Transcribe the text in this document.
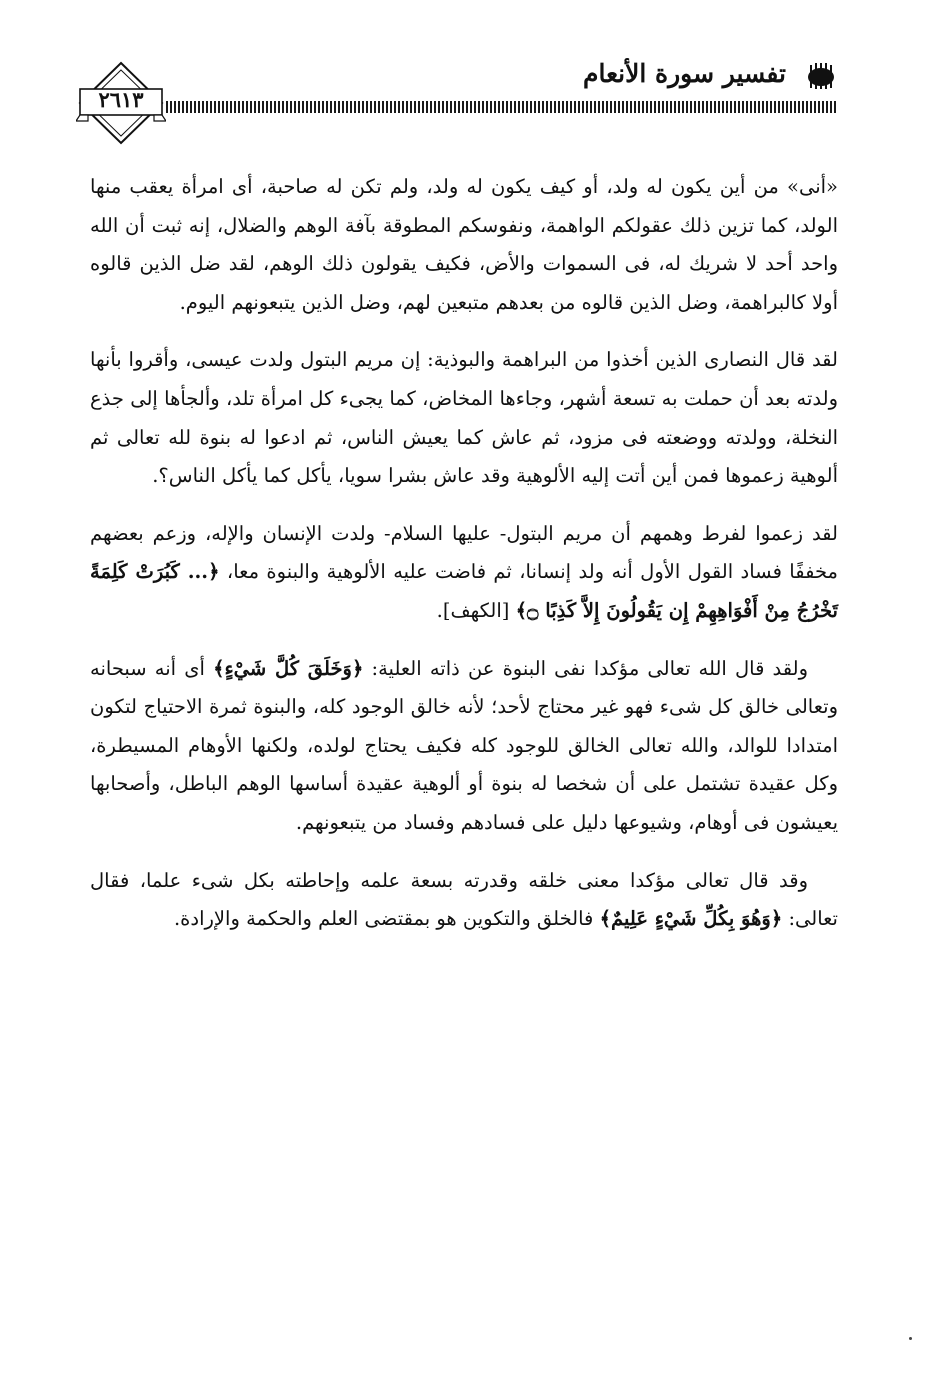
تفسير سورة الأنعام
٢٦١٣

«أنى» من أين يكون له ولد، أو كيف يكون له ولد، ولم تكن له صاحبة، أى امرأة يعقب منها الولد، كما تزين ذلك عقولكم الواهمة، ونفوسكم المطوقة بآفة الوهم والضلال، إنه ثبت أن الله واحد أحد لا شريك له، فى السموات والأض، فكيف يقولون ذلك الوهم، لقد ضل الذين قالوه أولا كالبراهمة، وضل الذين قالوه من بعدهم متبعين لهم، وضل الذين يتبعونهم اليوم.

لقد قال النصارى الذين أخذوا من البراهمة والبوذية: إن مريم البتول ولدت عيسى، وأقروا بأنها ولدته بعد أن حملت به تسعة أشهر، وجاءها المخاض، كما يجىء كل امرأة تلد، وألجأها إلى جذع النخلة، وولدته ووضعته فى مزود، ثم عاش كما يعيش الناس، ثم ادعوا له بنوة لله تعالى ثم ألوهية زعموها فمن أين أتت إليه الألوهية وقد عاش بشرا سويا، يأكل كما يأكل الناس؟.

لقد زعموا لفرط وهمهم أن مريم البتول- عليها السلام- ولدت الإنسان والإله، وزعم بعضهم مخففًا فساد القول الأول أنه ولد إنسانا، ثم فاضت عليه الألوهية والبنوة معا، ﴿... كَبُرَتْ كَلِمَةً تَخْرُجُ مِنْ أَفْوَاهِهِمْ إِن يَقُولُونَ إِلاَّ كَذِبًا ۝﴾ [الكهف].

ولقد قال الله تعالى مؤكدا نفى البنوة عن ذاته العلية: ﴿وَخَلَقَ كُلَّ شَيْءٍ﴾ أى أنه سبحانه وتعالى خالق كل شىء فهو غير محتاج لأحد؛ لأنه خالق الوجود كله، والبنوة ثمرة الاحتياج لتكون امتدادا للوالد، والله تعالى الخالق للوجود كله فكيف يحتاج لولده، ولكنها الأوهام المسيطرة، وكل عقيدة تشتمل على أن شخصا له بنوة أو ألوهية عقيدة أساسها الوهم الباطل، وأصحابها يعيشون فى أوهام، وشيوعها دليل على فسادهم وفساد من يتبعونهم.

وقد قال تعالى مؤكدا معنى خلقه وقدرته بسعة علمه وإحاطته بكل شىء علما، فقال تعالى: ﴿وَهُوَ بِكُلِّ شَيْءٍ عَلِيمٌ﴾ فالخلق والتكوين هو بمقتضى العلم والحكمة والإرادة.
